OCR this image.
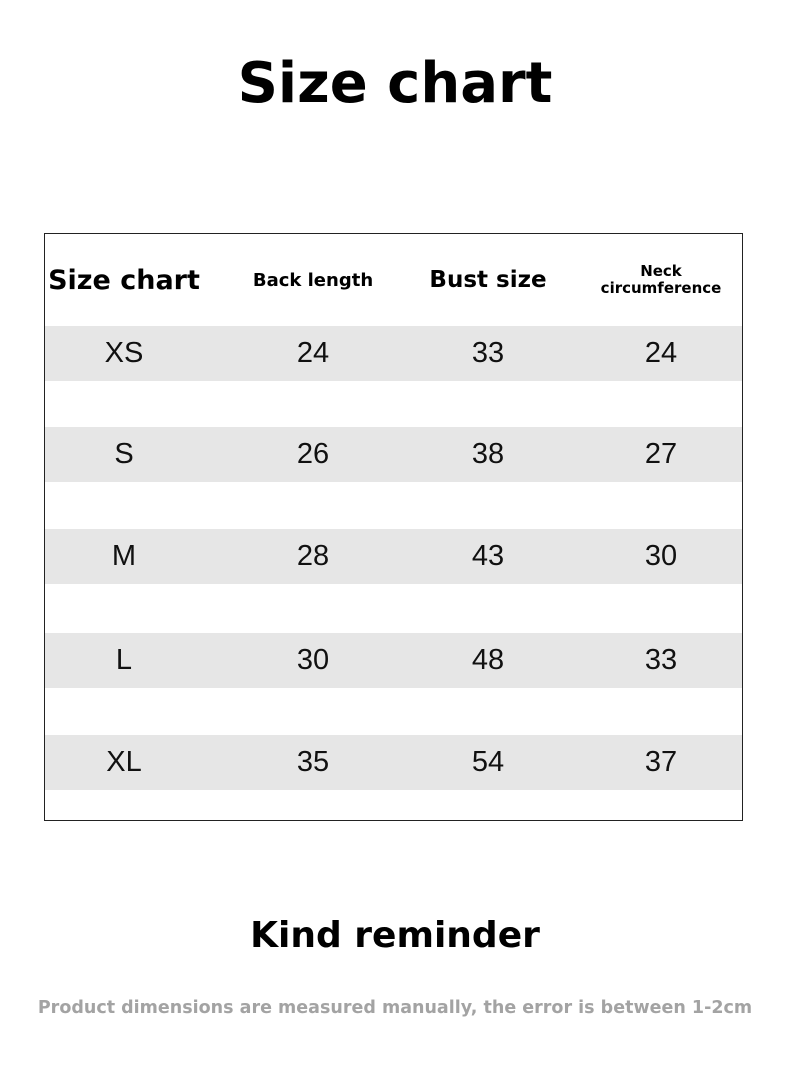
Size chart
Size chart	Back length	Bust size	Neck
circumference
XS	24	33	24
S	26	38	27
M	28	43	30
L	30	48	33
XL	35	54	37
Kind reminder
Product dimensions are measured manually, the error is between 1-2cm
